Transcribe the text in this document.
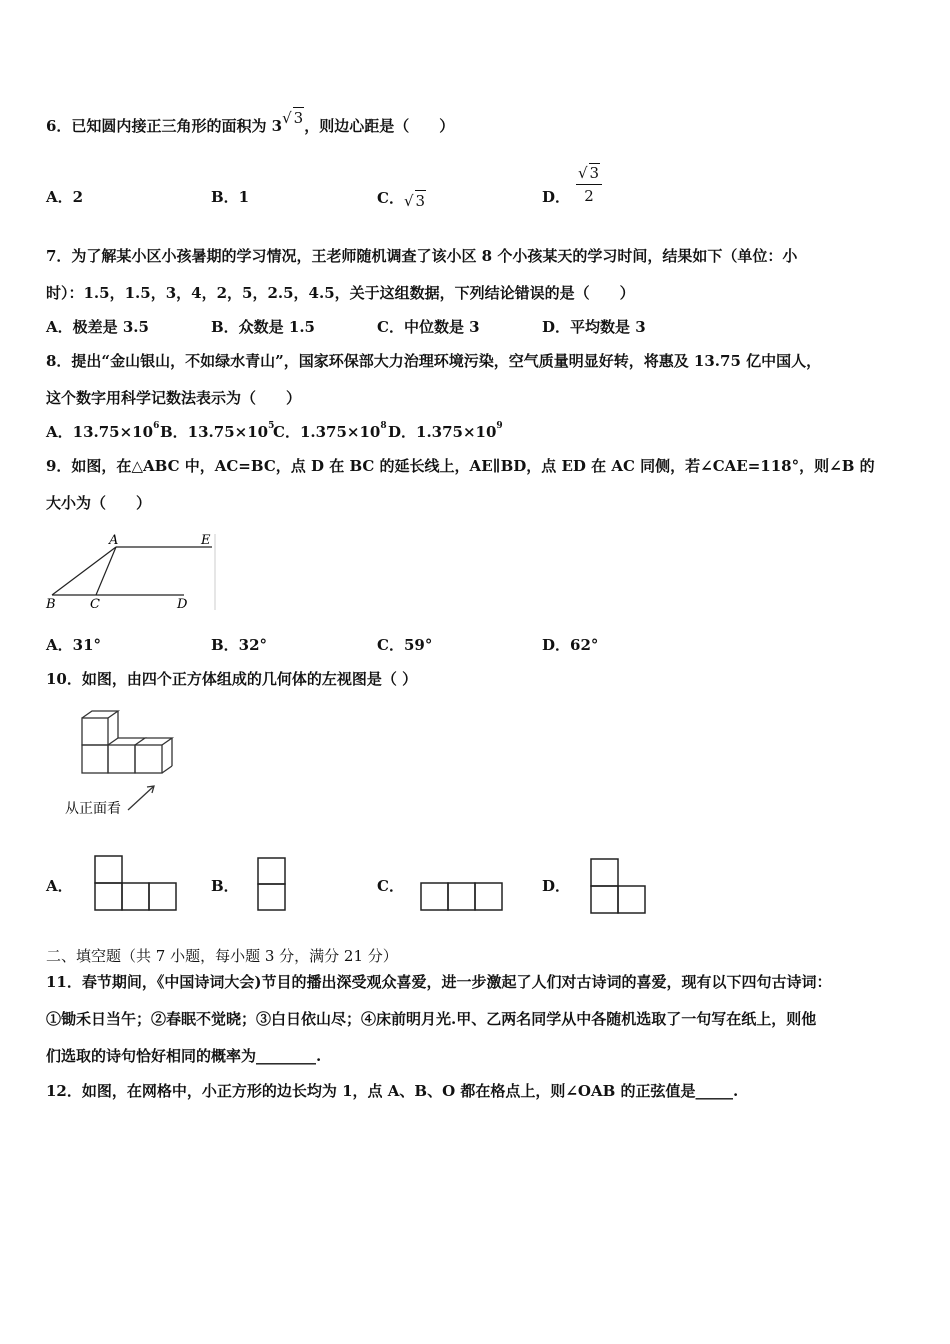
6．已知圆内接正三角形的面积为 3√ 3，则边心距是（　　）
A．2	B．1	C．√ 3	D．
√ 3
2
7．为了解某小区小孩暑期的学习情况，王老师随机调查了该小区 8 个小孩某天的学习时间，结果如下（单位：小
时）：1.5，1.5，3，4，2，5，2.5，4.5，关于这组数据，下列结论错误的是（　　）
A．极差是 3.5	B．众数是 1.5	C．中位数是 3	D．平均数是 3
8．提出“金山银山，不如绿水青山”，国家环保部大力治理环境污染，空气质量明显好转，将惠及 13.75 亿中国人，
这个数字用科学记数法表示为（　　）
A．$13.75\times 10^6$ B．$13.75\times 10^5$
C．$1.375\times 10^8$ D．$1.375\times 10^9$
9．如图，在△ABC 中，AC=BC，点 D 在 BC 的延长线上，AE∥BD，点 ED 在 AC 同侧，若∠CAE=118°，则∠B 的
大小为（　　）
A	E
B	C	D
A．31°	B．32°	C．59°	D．62°
10．如图，由四个正方体组成的几何体的左视图是（ ）
从正面看
A．	B．	C．	D．
二、填空题（共 7 小题，每小题 3 分，满分 21 分）
11．春节期间，《中国诗词大会)节目的播出深受观众喜爱，进一步激起了人们对古诗词的喜爱，现有以下四句古诗词：
①锄禾日当午；②春眠不觉晓；③白日依山尽；④床前明月光.甲、乙两名同学从中各随机选取了一句写在纸上，则他
们选取的诗句恰好相同的概率为________.
12．如图，在网格中，小正方形的边长均为 1，点 A、B、O 都在格点上，则∠OAB 的正弦值是_____.
